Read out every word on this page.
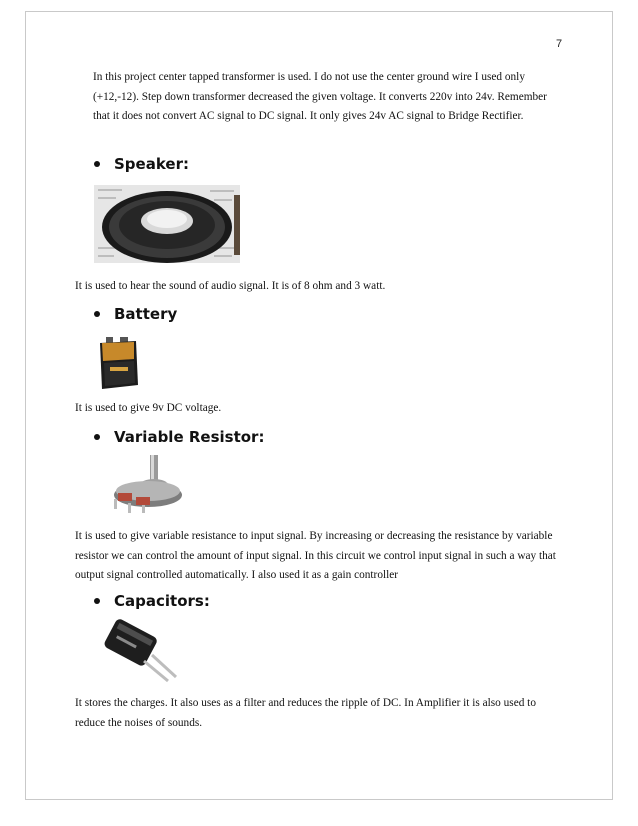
7

In this project center tapped transformer is used. I do not use the center ground wire I used only (+12,-12). Step down transformer decreased the given voltage. It converts 220v into 24v. Remember that it does not convert AC signal to DC signal. It only gives 24v AC signal to Bridge Rectifier.

Speaker:

It is used to hear the sound of audio signal. It is of 8 ohm and 3 watt.

Battery

It is used to give 9v DC voltage.

Variable Resistor:

It is used to give variable resistance to input signal. By increasing or decreasing the resistance by variable resistor we can control the amount of input signal. In this circuit we control input signal in such a way that output signal controlled automatically. I also used it as a gain controller

Capacitors:

It stores the charges. It also uses as a filter and reduces the ripple of DC. In Amplifier it is also used to reduce the noises of sounds.
